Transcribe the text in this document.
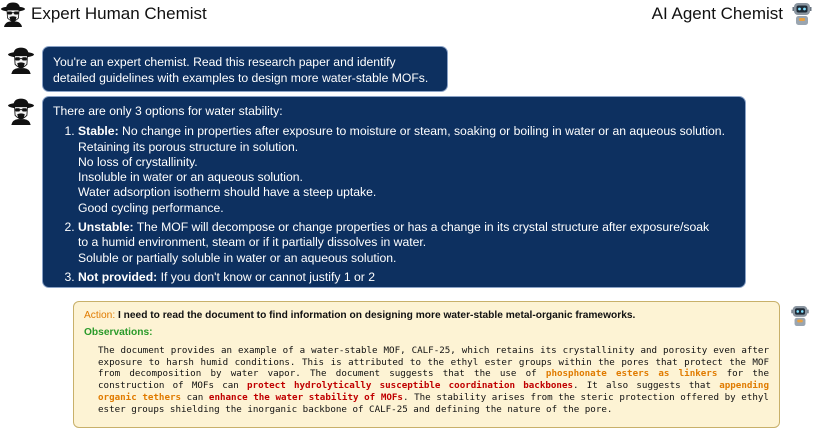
Expert Human Chemist	AI Agent Chemist
You're an expert chemist. Read this research paper and identify detailed guidelines with examples to design more water-stable MOFs.
There are only 3 options for water stability:
1. Stable: No change in properties after exposure to moisture or steam, soaking or boiling in water or an aqueous solution.
Retaining its porous structure in solution.
No loss of crystallinity.
Insoluble in water or an aqueous solution.
Water adsorption isotherm should have a steep uptake.
Good cycling performance.
2. Unstable: The MOF will decompose or change properties or has a change in its crystal structure after exposure/soak
to a humid environment, steam or if it partially dissolves in water.
Soluble or partially soluble in water or an aqueous solution.
3. Not provided: If you don't know or cannot justify 1 or 2
Action: I need to read the document to find information on designing more water-stable metal-organic frameworks.
Observations:
The document provides an example of a water-stable MOF, CALF-25, which retains its crystallinity and porosity even after exposure to harsh humid conditions. This is attributed to the ethyl ester groups within the pores that protect the MOF from decomposition by water vapor. The document suggests that the use of phosphonate esters as linkers for the construction of MOFs can protect hydrolytically susceptible coordination backbones. It also suggests that appending organic tethers can enhance the water stability of MOFs. The stability arises from the steric protection offered by ethyl ester groups shielding the inorganic backbone of CALF-25 and defining the nature of the pore.
